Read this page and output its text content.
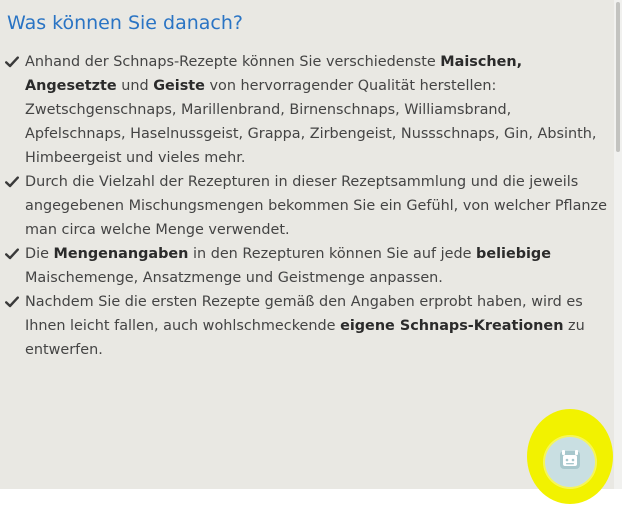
Was können Sie danach?
Anhand der Schnaps-Rezepte können Sie verschiedenste Maischen, Angesetzte und Geiste von hervorragender Qualität herstellen: Zwetschgenschnaps, Marillenbrand, Birnenschnaps, Williamsbrand, Apfelschnaps, Haselnussgeist, Grappa, Zirbengeist, Nussschnaps, Gin, Absinth, Himbeergeist und vieles mehr.
Durch die Vielzahl der Rezepturen in dieser Rezeptsammlung und die jeweils angegebenen Mischungsmengen bekommen Sie ein Gefühl, von welcher Pflanze man circa welche Menge verwendet.
Die Mengenangaben in den Rezepturen können Sie auf jede beliebige Maischemenge, Ansatzmenge und Geistmenge anpassen.
Nachdem Sie die ersten Rezepte gemäß den Angaben erprobt haben, wird es Ihnen leicht fallen, auch wohlschmeckende eigene Schnaps-Kreationen zu entwerfen.
